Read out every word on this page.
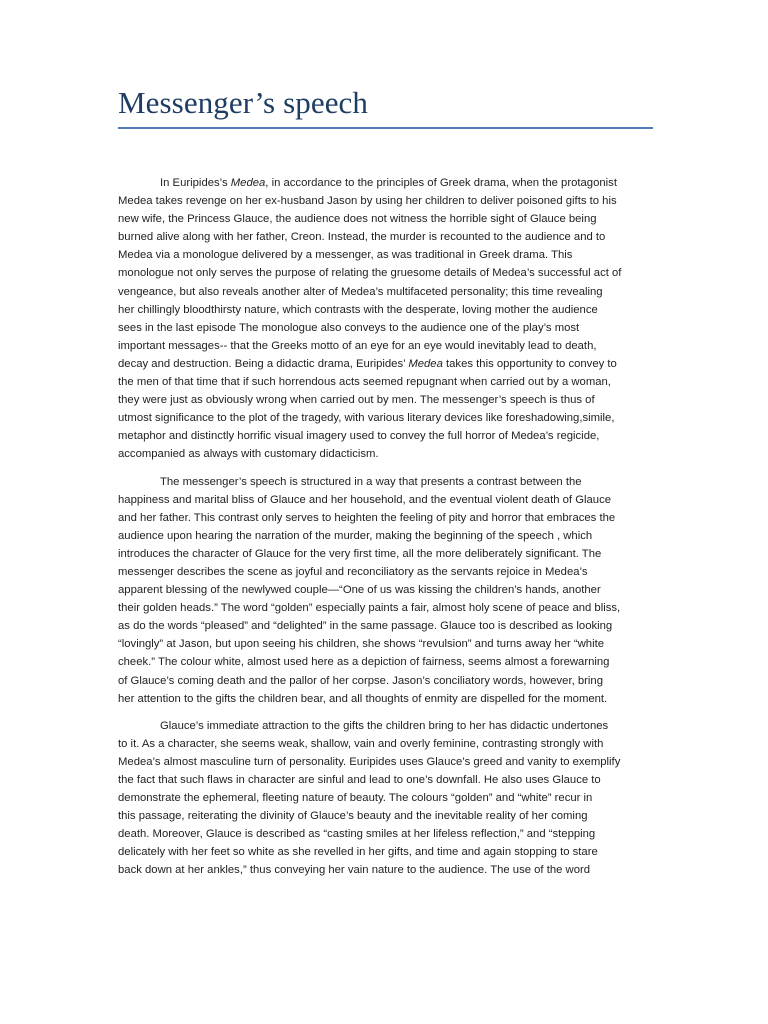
Messenger’s speech
In Euripides’s Medea, in accordance to the principles of Greek drama, when the protagonist
Medea takes revenge on her ex-husband Jason by using her children to deliver poisoned gifts to his
new wife, the Princess Glauce, the audience does not witness the horrible sight of Glauce being
burned alive along with her father, Creon. Instead, the murder is recounted to the audience and to
Medea via a monologue delivered by a messenger, as was traditional in Greek drama. This
monologue not only serves the purpose of relating the gruesome details of Medea’s successful act of
vengeance, but also reveals another alter of Medea’s multifaceted personality; this time revealing
her chillingly bloodthirsty nature, which contrasts with the desperate, loving mother the audience
sees in the last episode The monologue also conveys to the audience one of the play’s most
important messages-- that the Greeks motto of an eye for an eye would inevitably lead to death,
decay and destruction. Being a didactic drama, Euripides’ Medea takes this opportunity to convey to
the men of that time that if such horrendous acts seemed repugnant when carried out by a woman,
they were just as obviously wrong when carried out by men. The messenger’s speech is thus of
utmost significance to the plot of the tragedy, with various literary devices like foreshadowing,simile,
metaphor and distinctly horrific visual imagery used to convey the full horror of Medea’s regicide,
accompanied as always with customary didacticism.
The messenger’s speech is structured in a way that presents a contrast between the
happiness and marital bliss of Glauce and her household, and the eventual violent death of Glauce
and her father. This contrast only serves to heighten the feeling of pity and horror that embraces the
audience upon hearing the narration of the murder, making the beginning of the speech , which
introduces the character of Glauce for the very first time, all the more deliberately significant. The
messenger describes the scene as joyful and reconciliatory as the servants rejoice in Medea’s
apparent blessing of the newlywed couple—“One of us was kissing the children’s hands, another
their golden heads.” The word “golden” especially paints a fair, almost holy scene of peace and bliss,
as do the words “pleased” and “delighted” in the same passage. Glauce too is described as looking
“lovingly” at Jason, but upon seeing his children, she shows “revulsion” and turns away her “white
cheek.” The colour white, almost used here as a depiction of fairness, seems almost a forewarning
of Glauce’s coming death and the pallor of her corpse. Jason’s conciliatory words, however, bring
her attention to the gifts the children bear, and all thoughts of enmity are dispelled for the moment.
Glauce’s immediate attraction to the gifts the children bring to her has didactic undertones
to it. As a character, she seems weak, shallow, vain and overly feminine, contrasting strongly with
Medea’s almost masculine turn of personality. Euripides uses Glauce’s greed and vanity to exemplify
the fact that such flaws in character are sinful and lead to one’s downfall. He also uses Glauce to
demonstrate the ephemeral, fleeting nature of beauty. The colours “golden” and “white” recur in
this passage, reiterating the divinity of Glauce’s beauty and the inevitable reality of her coming
death. Moreover, Glauce is described as “casting smiles at her lifeless reflection,” and “stepping
delicately with her feet so white as she revelled in her gifts, and time and again stopping to stare
back down at her ankles,” thus conveying her vain nature to the audience. The use of the word
